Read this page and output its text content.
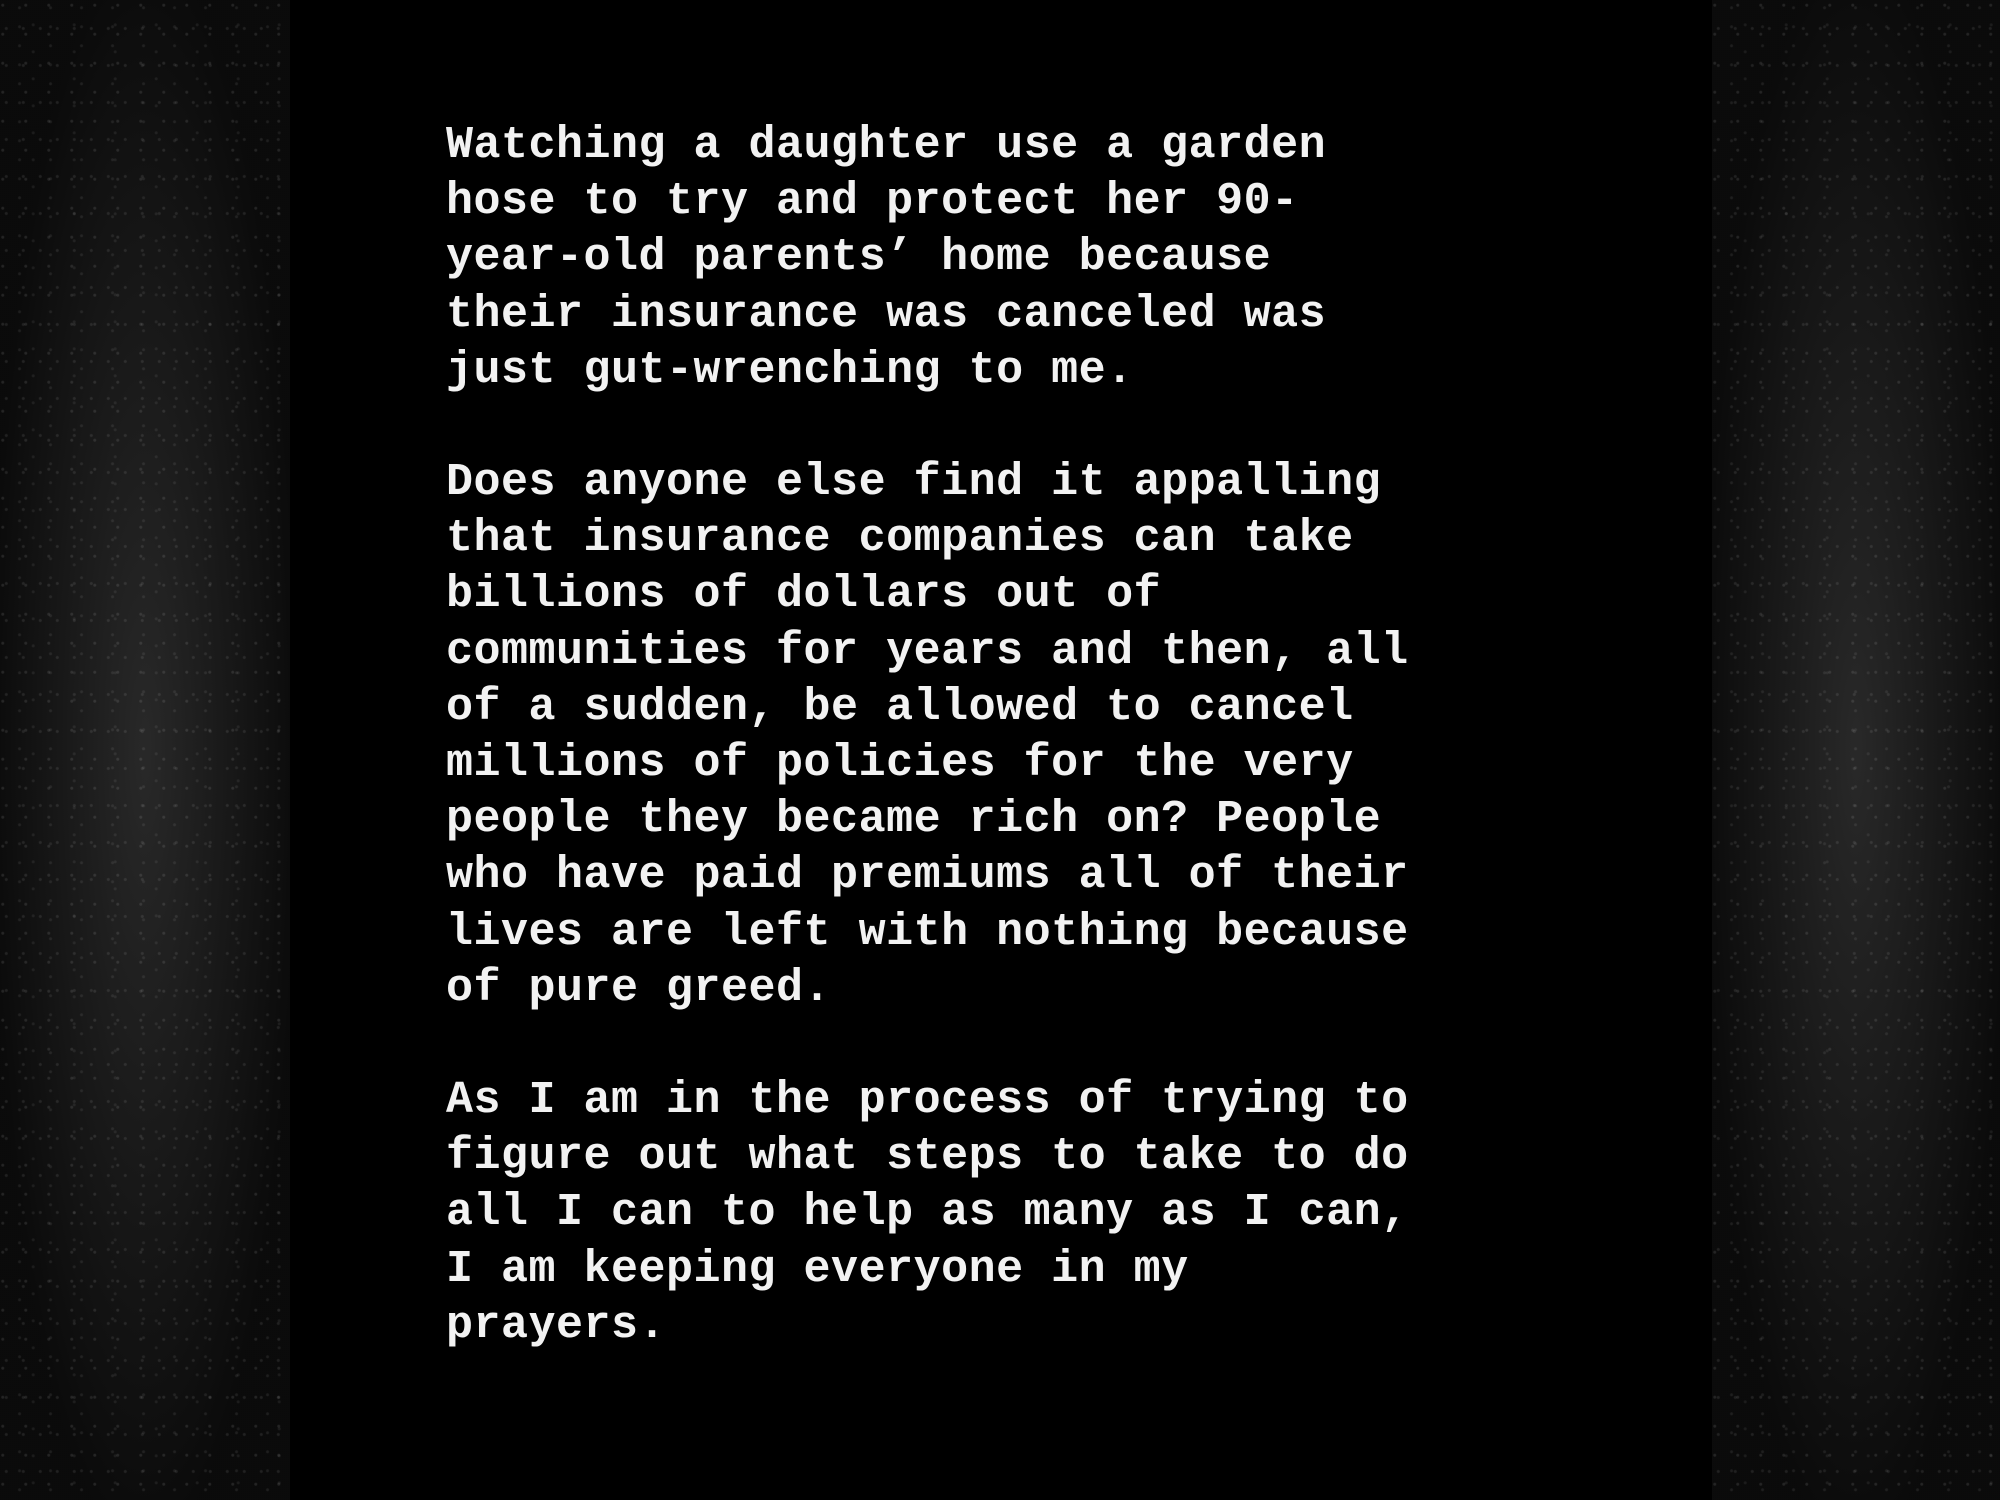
Watching a daughter use a garden
hose to try and protect her 90-
year-old parents’ home because
their insurance was canceled was
just gut-wrenching to me.

Does anyone else find it appalling
that insurance companies can take
billions of dollars out of
communities for years and then, all
of a sudden, be allowed to cancel
millions of policies for the very
people they became rich on? People
who have paid premiums all of their
lives are left with nothing because
of pure greed.

As I am in the process of trying to
figure out what steps to take to do
all I can to help as many as I can,
I am keeping everyone in my
prayers.
